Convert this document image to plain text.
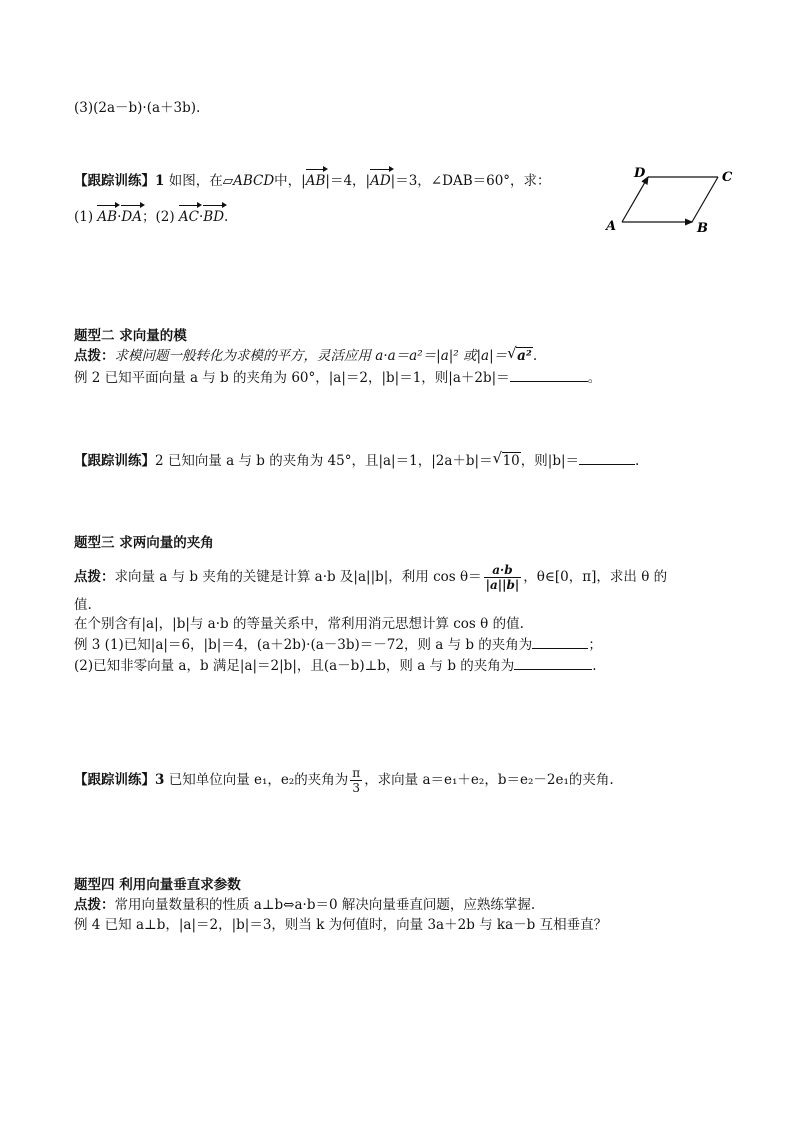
(3)(2a－b)·(a＋3b).
【跟踪训练】1 如图，在▱ABCD中，|AB|＝4，|AD|＝3，∠DAB＝60°，求：
(1) AB·DA；(2) AC·BD.
A	B
C
D
题型二 求向量的模
点拨：求模问题一般转化为求模的平方，灵活应用 a·a＝a²＝|a|² 或|a|＝ √ a².
例 2 已知平面向量 a 与 b 的夹角为 60°，|a|＝2，|b|＝1，则|a＋2b|＝	。
【跟踪训练】2 已知向量 a 与 b 的夹角为 45°，且|a|＝1，|2a＋b|＝ √ 10，则|b|＝	.
题型三 求两向量的夹角
点拨：求向量 a 与 b 夹角的关键是计算 a·b 及|a||b|，利用 $\cos \theta= \frac{a\cdot b}{|a||b|}$ ，θ∈[0，π]，求出 θ 的
值.
在个别含有|a|，|b|与 a·b 的等量关系中，常利用消元思想计算 cos θ 的值.
例 3 (1)已知|a|＝6，|b|＝4，(a＋2b)·(a－3b)＝－72，则 a 与 b 的夹角为	；
(2)已知非零向量 a，b 满足|a|＝2|b|，且(a－b)⊥b，则 a 与 b 的夹角为	.
【跟踪训练】3 已知单位向量 e₁，e₂的夹角为 $\frac{\pi}{3}$ ，求向量 a＝e₁＋e₂，b＝e₂－2e₁的夹角.
题型四 利用向量垂直求参数
点拨：常用向量数量积的性质 a⊥b⇔a·b＝0 解决向量垂直问题，应熟练掌握.
例 4 已知 a⊥b，|a|＝2，|b|＝3，则当 k 为何值时，向量 3a＋2b 与 ka－b 互相垂直？
